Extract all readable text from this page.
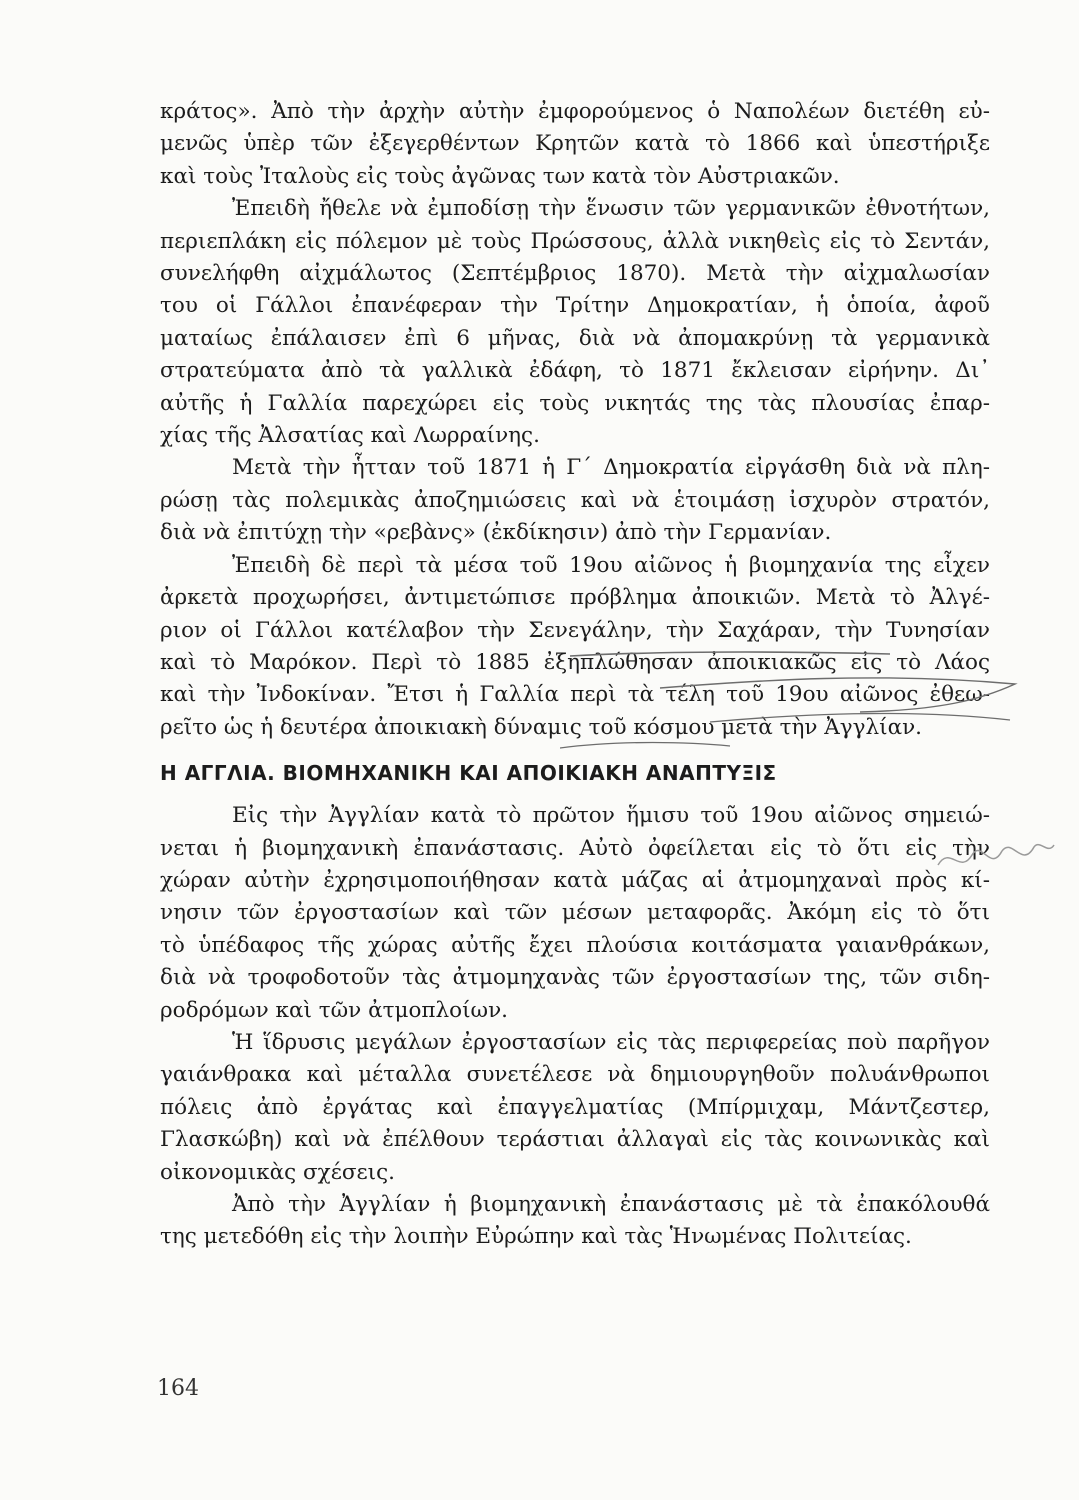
κράτος». Ἀπὸ τὴν ἀρχὴν αὐτὴν ἐμφορούμενος ὁ Ναπολέων διετέθη εὐ-
μενῶς ὑπὲρ τῶν ἐξεγερθέντων Κρητῶν κατὰ τὸ 1866 καὶ ὑπεστήριξε
καὶ τοὺς Ἰταλοὺς εἰς τοὺς ἀγῶνας των κατὰ τὸν Αὐστριακῶν.
Ἐπειδὴ ἤθελε νὰ ἐμποδίσῃ τὴν ἕνωσιν τῶν γερμανικῶν ἐθνοτήτων,
περιεπλάκη εἰς πόλεμον μὲ τοὺς Πρώσσους, ἀλλὰ νικηθεὶς εἰς τὸ Σεντάν,
συνελήφθη αἰχμάλωτος (Σεπτέμβριος 1870). Μετὰ τὴν αἰχμαλωσίαν
του οἱ Γάλλοι ἐπανέφεραν τὴν Τρίτην Δημοκρατίαν, ἡ ὁποία, ἀφοῦ
ματαίως ἐπάλαισεν ἐπὶ 6 μῆνας, διὰ νὰ ἀπομακρύνῃ τὰ γερμανικὰ
στρατεύματα ἀπὸ τὰ γαλλικὰ ἐδάφη, τὸ 1871 ἔκλεισαν εἰρήνην. Δι᾿
αὐτῆς ἡ Γαλλία παρεχώρει εἰς τοὺς νικητάς της τὰς πλουσίας ἐπαρ-
χίας τῆς Ἀλσατίας καὶ Λωρραίνης.
Μετὰ τὴν ἧτταν τοῦ 1871 ἡ Γ΄ Δημοκρατία εἰργάσθη διὰ νὰ πλη-
ρώσῃ τὰς πολεμικὰς ἀποζημιώσεις καὶ νὰ ἑτοιμάσῃ ἰσχυρὸν στρατόν,
διὰ νὰ ἐπιτύχῃ τὴν «ρεβὰνς» (ἐκδίκησιν) ἀπὸ τὴν Γερμανίαν.
Ἐπειδὴ δὲ περὶ τὰ μέσα τοῦ 19ου αἰῶνος ἡ βιομηχανία της εἶχεν
ἀρκετὰ προχωρήσει, ἀντιμετώπισε πρόβλημα ἀποικιῶν. Μετὰ τὸ Ἀλγέ-
ριον οἱ Γάλλοι κατέλαβον τὴν Σενεγάλην, τὴν Σαχάραν, τὴν Τυνησίαν
καὶ τὸ Μαρόκον. Περὶ τὸ 1885 ἐξηπλώθησαν ἀποικιακῶς εἰς τὸ Λάος
καὶ τὴν Ἰνδοκίναν. Ἔτσι ἡ Γαλλία περὶ τὰ τέλη τοῦ 19ου αἰῶνος ἐθεω-
ρεῖτο ὡς ἡ δευτέρα ἀποικιακὴ δύναμις τοῦ κόσμου μετὰ τὴν Ἀγγλίαν.
Η ΑΓΓΛΙΑ. ΒΙΟΜΗΧΑΝΙΚΗ ΚΑΙ ΑΠΟΙΚΙΑΚΗ ΑΝΑΠΤΥΞΙΣ
Εἰς τὴν Ἀγγλίαν κατὰ τὸ πρῶτον ἥμισυ τοῦ 19ου αἰῶνος σημειώ-
νεται ἡ βιομηχανικὴ ἐπανάστασις. Αὐτὸ ὀφείλεται εἰς τὸ ὅτι εἰς τὴν
χώραν αὐτὴν ἐχρησιμοποιήθησαν κατὰ μάζας αἱ ἀτμομηχαναὶ πρὸς κί-
νησιν τῶν ἐργοστασίων καὶ τῶν μέσων μεταφορᾶς. Ἀκόμη εἰς τὸ ὅτι
τὸ ὑπέδαφος τῆς χώρας αὐτῆς ἔχει πλούσια κοιτάσματα γαιανθράκων,
διὰ νὰ τροφοδοτοῦν τὰς ἀτμομηχανὰς τῶν ἐργοστασίων της, τῶν σιδη-
ροδρόμων καὶ τῶν ἀτμοπλοίων.
Ἡ ἵδρυσις μεγάλων ἐργοστασίων εἰς τὰς περιφερείας ποὺ παρῆγον
γαιάνθρακα καὶ μέταλλα συνετέλεσε νὰ δημιουργηθοῦν πολυάνθρωποι
πόλεις ἀπὸ ἐργάτας καὶ ἐπαγγελματίας (Μπίρμιχαμ, Μάντζεστερ,
Γλασκώβη) καὶ νὰ ἐπέλθουν τεράστιαι ἀλλαγαὶ εἰς τὰς κοινωνικὰς καὶ
οἰκονομικὰς σχέσεις.
Ἀπὸ τὴν Ἀγγλίαν ἡ βιομηχανικὴ ἐπανάστασις μὲ τὰ ἐπακόλουθά
της μετεδόθη εἰς τὴν λοιπὴν Εὐρώπην καὶ τὰς Ἡνωμένας Πολιτείας.
164
